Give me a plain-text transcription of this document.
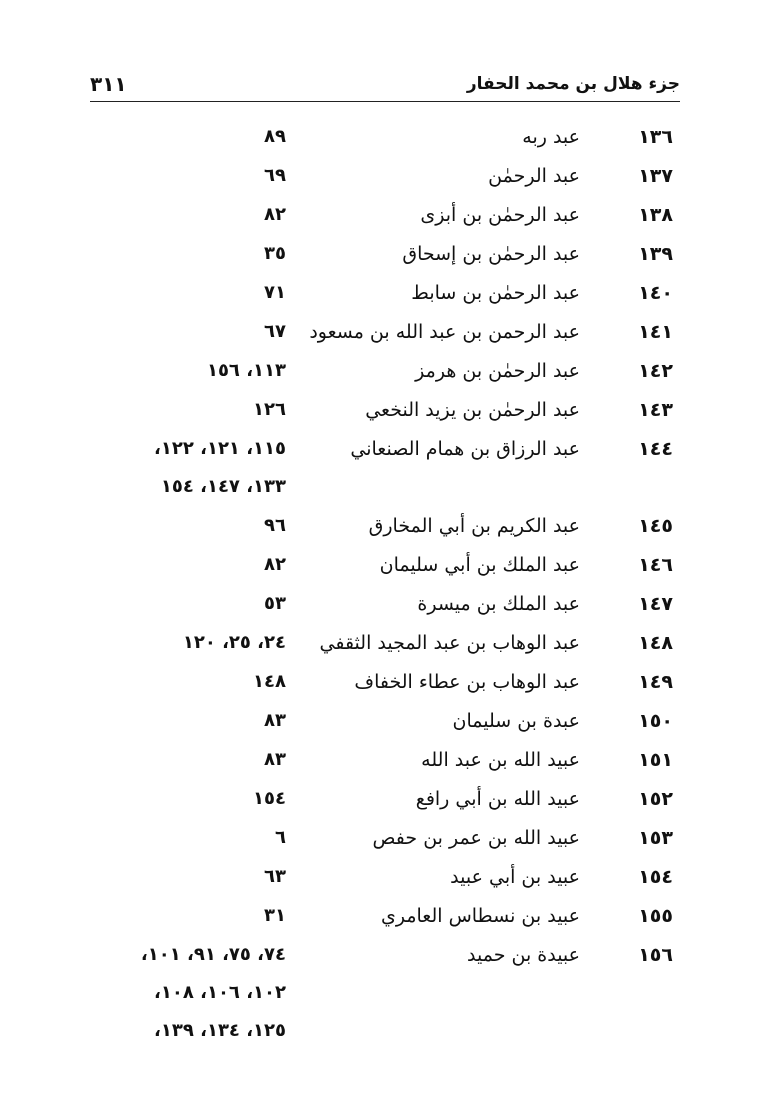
جزء هلال بن محمد الحفار
٣١١
١٣٦
عبد ربه
٨٩
١٣٧
عبد الرحمٰن
٦٩
١٣٨
عبد الرحمٰن بن أبزى
٨٢
١٣٩
عبد الرحمٰن بن إسحاق
٣٥
١٤٠
عبد الرحمٰن بن سابط
٧١
١٤١
عبد الرحمن بن عبد الله بن مسعود
٦٧
١٤٢
عبد الرحمٰن بن هرمز
١١٣، ١٥٦
١٤٣
عبد الرحمٰن بن يزيد النخعي
١٢٦
١٤٤
عبد الرزاق بن همام الصنعاني
١١٥، ١٢١، ١٢٢،
١٣٣، ١٤٧، ١٥٤
١٤٥
عبد الكريم بن أبي المخارق
٩٦
١٤٦
عبد الملك بن أبي سليمان
٨٢
١٤٧
عبد الملك بن ميسرة
٥٣
١٤٨
عبد الوهاب بن عبد المجيد الثقفي
٢٤، ٢٥، ١٢٠
١٤٩
عبد الوهاب بن عطاء الخفاف
١٤٨
١٥٠
عبدة بن سليمان
٨٣
١٥١
عبيد الله بن عبد الله
٨٣
١٥٢
عبيد الله بن أبي رافع
١٥٤
١٥٣
عبيد الله بن عمر بن حفص
٦
١٥٤
عبيد بن أبي عبيد
٦٣
١٥٥
عبيد بن نسطاس العامري
٣١
١٥٦
عبيدة بن حميد
٧٤، ٧٥، ٩١، ١٠١،
١٠٢، ١٠٦، ١٠٨،
١٢٥، ١٣٤، ١٣٩،
